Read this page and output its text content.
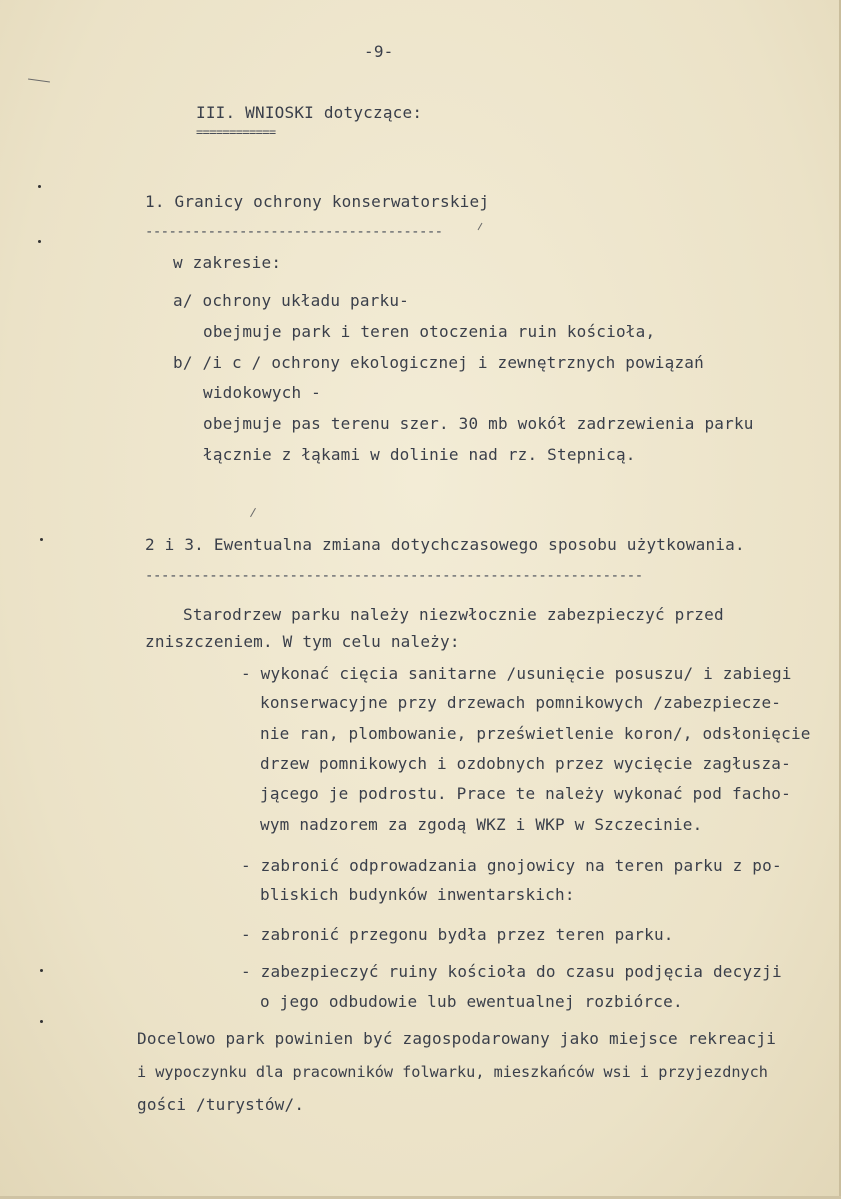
-9-
III. WNIOSKI dotyczące:
============
1. Granicy ochrony konserwatorskiej
--------------------------------------
w zakresie:
a/ ochrony układu parku-
obejmuje park i teren otoczenia ruin kościoła,
b/ /i c / ochrony ekologicznej i zewnętrznych powiązań
widokowych -
obejmuje pas terenu szer. 30 mb wokół zadrzewienia parku
łącznie z łąkami w dolinie nad rz. Stepnicą.
2 i 3. Ewentualna zmiana dotychczasowego sposobu użytkowania.
--------------------------------------------------------------
Starodrzew parku należy niezwłocznie zabezpieczyć przed
zniszczeniem. W tym celu należy:
- wykonać cięcia sanitarne /usunięcie posuszu/ i zabiegi
konserwacyjne przy drzewach pomnikowych /zabezpiecze-
nie ran, plombowanie, prześwietlenie koron/, odsłonięcie
drzew pomnikowych i ozdobnych przez wycięcie zagłusza-
jącego je podrostu. Prace te należy wykonać pod facho-
wym nadzorem za zgodą WKZ i WKP w Szczecinie.
- zabronić odprowadzania gnojowicy na teren parku z po-
bliskich budynków inwentarskich:
- zabronić przegonu bydła przez teren parku.
- zabezpieczyć ruiny kościoła do czasu podjęcia decyzji
o jego odbudowie lub ewentualnej rozbiórce.
Docelowo park powinien być zagospodarowany jako miejsce rekreacji
i wypoczynku dla pracowników folwarku, mieszkańców wsi i przyjezdnych
gości /turystów/.
